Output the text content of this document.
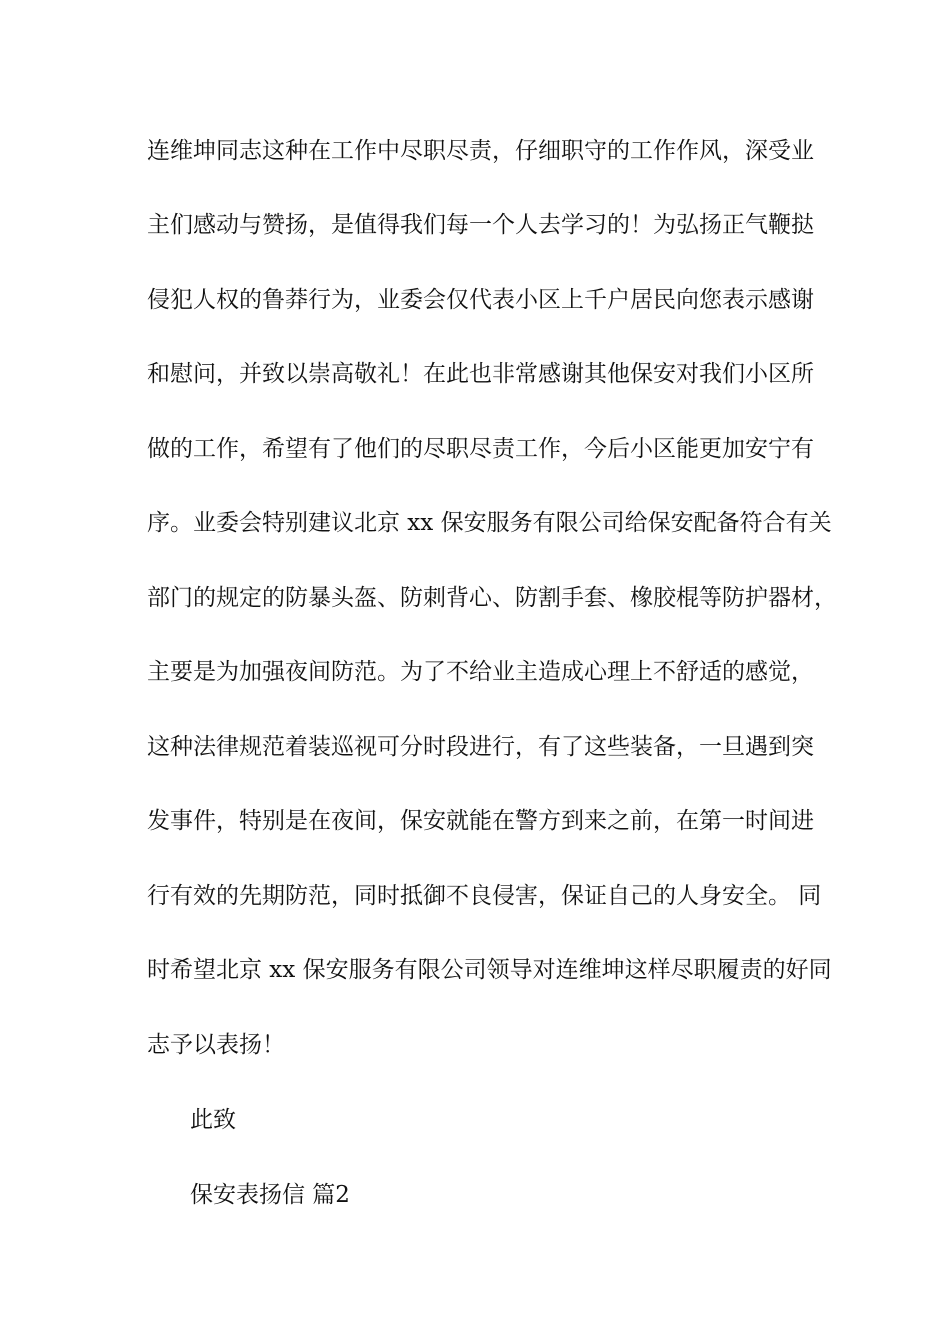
连维坤同志这种在工作中尽职尽责，仔细职守的工作作风，深受业
主们感动与赞扬，是值得我们每一个人去学习的！为弘扬正气鞭挞
侵犯人权的鲁莽行为，业委会仅代表小区上千户居民向您表示感谢
和慰问，并致以崇高敬礼！在此也非常感谢其他保安对我们小区所
做的工作，希望有了他们的尽职尽责工作，今后小区能更加安宁有
序。业委会特别建议北京 xx 保安服务有限公司给保安配备符合有关
部门的规定的防暴头盔、防刺背心、防割手套、橡胶棍等防护器材，
主要是为加强夜间防范。为了不给业主造成心理上不舒适的感觉，
这种法律规范着装巡视可分时段进行，有了这些装备，一旦遇到突
发事件，特别是在夜间，保安就能在警方到来之前，在第一时间进
行有效的先期防范，同时抵御不良侵害，保证自己的人身安全。 同
时希望北京 xx 保安服务有限公司领导对连维坤这样尽职履责的好同
志予以表扬！
此致
保安表扬信 篇2
